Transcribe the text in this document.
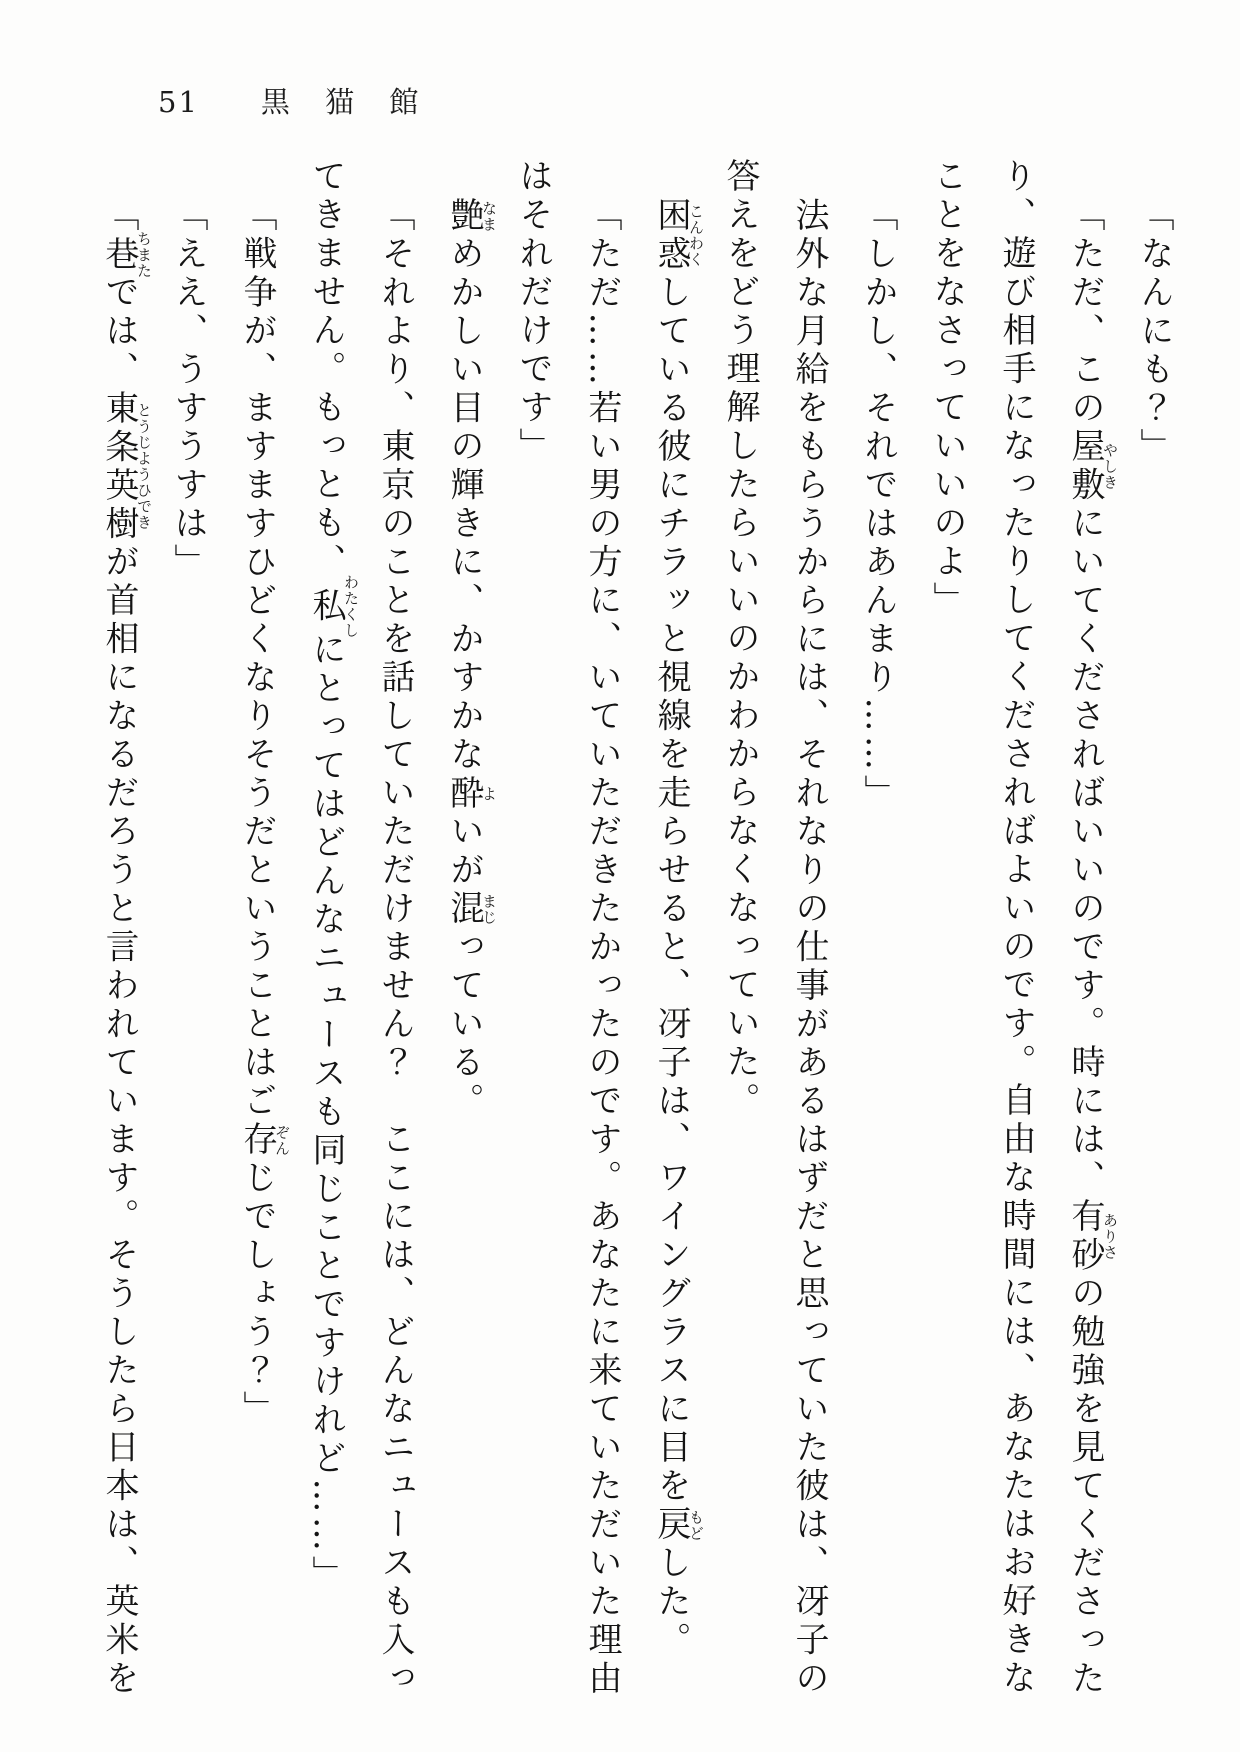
51 黒 猫 館

「なんにも？」

「ただ、この屋敷やしきにいてくださればいいのです。時には、有砂ありさの勉強を見てくださった

り、遊び相手になったりしてくださればよいのです。自由な時間には、あなたはお好きな

ことをなさっていいのよ」

「しかし、それではあんまり……」

法外な月給をもらうからには、それなりの仕事があるはずだと思っていた彼は、冴子の

答えをどう理解したらいいのかわからなくなっていた。

困惑こんわくしている彼にチラッと視線を走らせると、冴子は、ワイングラスに目を戻もどした。

「ただ……若い男の方に、いていただきたかったのです。あなたに来ていただいた理由

はそれだけです」

艶なまめかしい目の輝きに、かすかな酔よいが混まじっている。

「それより、東京のことを話していただけません？　ここには、どんなニュースも入っ

てきません。もっとも、私わたくしにとってはどんなニュースも同じことですけれど……」

「戦争が、ますますひどくなりそうだということはご存ぞんじでしょう？」

「ええ、うすうすは」

「巷ちまたでは、東条英樹とうじようひできが首相になるだろうと言われています。そうしたら日本は、英米を
